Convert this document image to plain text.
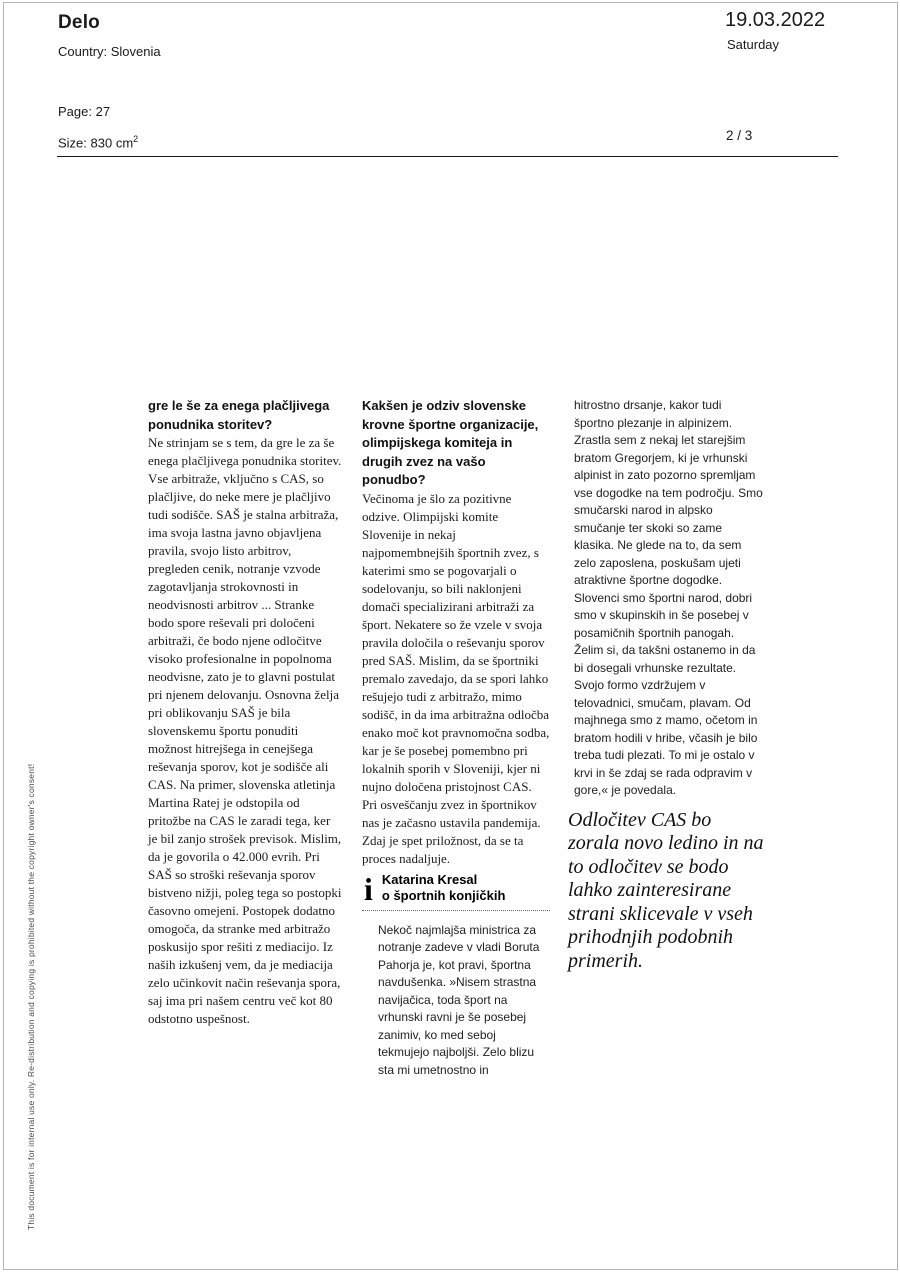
Delo
Country: Slovenia
19.03.2022
Saturday
Page: 27
Size: 830 $cm^2$	2 / 3
This document is for internal use only. Re-distribution and copying is prohibited without the copyright owner's consent!
gre le še za enega plačljivega ponudnika storitev?
Ne strinjam se s tem, da gre le za še enega plačljivega ponudnika storitev. Vse arbitraže, vključno s CAS, so plačljive, do neke mere je plačljivo tudi sodišče. SAŠ je stalna arbitraža, ima svoja lastna javno objavljena pravila, svojo listo arbitrov, pregleden cenik, notranje vzvode zagotavljanja strokovnosti in neodvisnosti arbitrov ... Stranke bodo spore reševali pri določeni arbitraži, če bodo njene odločitve visoko profesionalne in popolnoma neodvisne, zato je to glavni postulat pri njenem delovanju. Osnovna želja pri oblikovanju SAŠ je bila slovenskemu športu ponuditi možnost hitrejšega in cenejšega reševanja sporov, kot je sodišče ali CAS. Na primer, slovenska atletinja Martina Ratej je odstopila od pritožbe na CAS le zaradi tega, ker je bil zanjo strošek previsok. Mislim, da je govorila o 42.000 evrih. Pri SAŠ so stroški reševanja sporov bistveno nižji, poleg tega so postopki časovno omejeni. Postopek dodatno omogoča, da stranke med arbitražo poskusijo spor rešiti z mediacijo. Iz naših izkušenj vem, da je mediacija zelo učinkovit način reševanja spora, saj ima pri našem centru več kot 80 odstotno uspešnost.
Kakšen je odziv slovenske krovne športne organizacije, olimpijskega komiteja in drugih zvez na vašo ponudbo?
Večinoma je šlo za pozitivne odzive. Olimpijski komite Slovenije in nekaj najpomembnejših športnih zvez, s katerimi smo se pogovarjali o sodelovanju, so bili naklonjeni domači specializirani arbitraži za šport. Nekatere so že vzele v svoja pravila določila o reševanju sporov pred SAŠ. Mislim, da se športniki premalo zavedajo, da se spori lahko rešujejo tudi z arbitražo, mimo sodišč, in da ima arbitražna odločba enako moč kot pravnomočna sodba, kar je še posebej pomembno pri lokalnih sporih v Sloveniji, kjer ni nujno določena pristojnost CAS. Pri osveščanju zvez in športnikov nas je začasno ustavila pandemija. Zdaj je spet priložnost, da se ta proces nadaljuje.
i Katarina Kresal
o športnih konjičkih
Nekoč najmlajša ministrica za notranje zadeve v vladi Boruta Pahorja je, kot pravi, športna navdušenka. »Nisem strastna navijačica, toda šport na vrhunski ravni je še posebej zanimiv, ko med seboj tekmujejo najboljši. Zelo blizu sta mi umetnostno in
hitrostno drsanje, kakor tudi športno plezanje in alpinizem. Zrastla sem z nekaj let starejšim bratom Gregorjem, ki je vrhunski alpinist in zato pozorno spremljam vse dogodke na tem področju. Smo smučarski narod in alpsko smučanje ter skoki so zame klasika. Ne glede na to, da sem zelo zaposlena, poskušam ujeti atraktivne športne dogodke. Slovenci smo športni narod, dobri smo v skupinskih in še posebej v posamičnih športnih panogah. Želim si, da takšni ostanemo in da bi dosegali vrhunske rezultate. Svojo formo vzdržujem v telovadnici, smučam, plavam. Od majhnega smo z mamo, očetom in bratom hodili v hribe, včasih je bilo treba tudi plezati. To mi je ostalo v krvi in še zdaj se rada odpravim v gore,« je povedala.
Odločitev CAS bo zorala novo ledino in na to odločitev se bodo lahko zainteresirane strani sklicevale v vseh prihodnjih podobnih primerih.
